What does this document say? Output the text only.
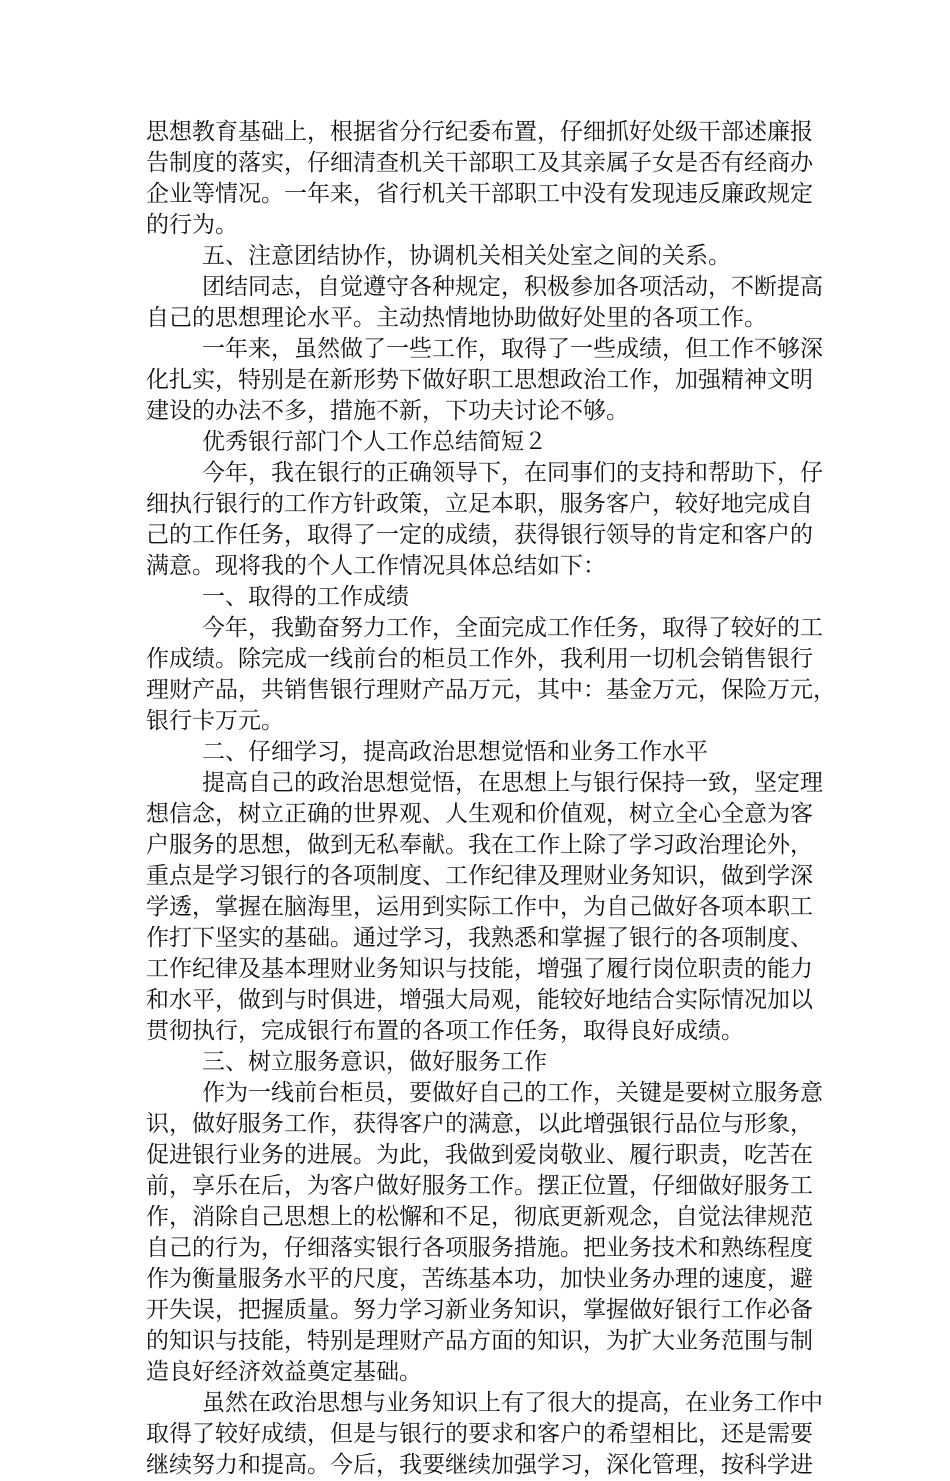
思想教育基础上，根据省分行纪委布置，仔细抓好处级干部述廉报
告制度的落实，仔细清查机关干部职工及其亲属子女是否有经商办
企业等情况。一年来，省行机关干部职工中没有发现违反廉政规定
的行为。
五、注意团结协作，协调机关相关处室之间的关系。
团结同志，自觉遵守各种规定，积极参加各项活动，不断提高
自己的思想理论水平。主动热情地协助做好处里的各项工作。
一年来，虽然做了一些工作，取得了一些成绩，但工作不够深
化扎实，特别是在新形势下做好职工思想政治工作，加强精神文明
建设的办法不多，措施不新，下功夫讨论不够。
优秀银行部门个人工作总结简短２
今年，我在银行的正确领导下，在同事们的支持和帮助下，仔
细执行银行的工作方针政策，立足本职，服务客户，较好地完成自
己的工作任务，取得了一定的成绩，获得银行领导的肯定和客户的
满意。现将我的个人工作情况具体总结如下：
一、取得的工作成绩
今年，我勤奋努力工作，全面完成工作任务，取得了较好的工
作成绩。除完成一线前台的柜员工作外，我利用一切机会销售银行
理财产品，共销售银行理财产品万元，其中：基金万元，保险万元，
银行卡万元。
二、仔细学习，提高政治思想觉悟和业务工作水平
提高自己的政治思想觉悟，在思想上与银行保持一致，坚定理
想信念，树立正确的世界观、人生观和价值观，树立全心全意为客
户服务的思想，做到无私奉献。我在工作上除了学习政治理论外，
重点是学习银行的各项制度、工作纪律及理财业务知识，做到学深
学透，掌握在脑海里，运用到实际工作中，为自己做好各项本职工
作打下坚实的基础。通过学习，我熟悉和掌握了银行的各项制度、
工作纪律及基本理财业务知识与技能，增强了履行岗位职责的能力
和水平，做到与时俱进，增强大局观，能较好地结合实际情况加以
贯彻执行，完成银行布置的各项工作任务，取得良好成绩。
三、树立服务意识，做好服务工作
作为一线前台柜员，要做好自己的工作，关键是要树立服务意
识，做好服务工作，获得客户的满意，以此增强银行品位与形象，
促进银行业务的进展。为此，我做到爱岗敬业、履行职责，吃苦在
前，享乐在后，为客户做好服务工作。摆正位置，仔细做好服务工
作，消除自己思想上的松懈和不足，彻底更新观念，自觉法律规范
自己的行为，仔细落实银行各项服务措施。把业务技术和熟练程度
作为衡量服务水平的尺度，苦练基本功，加快业务办理的速度，避
开失误，把握质量。努力学习新业务知识，掌握做好银行工作必备
的知识与技能，特别是理财产品方面的知识，为扩大业务范围与制
造良好经济效益奠定基础。
虽然在政治思想与业务知识上有了很大的提高，在业务工作中
取得了较好成绩，但是与银行的要求和客户的希望相比，还是需要
继续努力和提高。今后，我要继续加强学习，深化管理，按科学进
